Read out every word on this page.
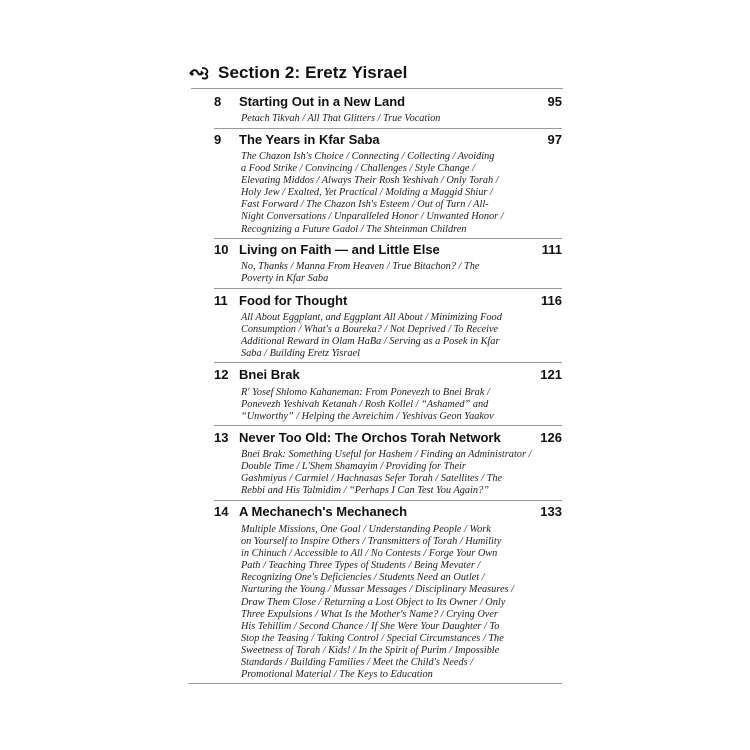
Section 2: Eretz Yisrael
8	Starting Out in a New Land	95
Petach Tikvah / All That Glitters / True Vocation
9	The Years in Kfar Saba	97
The Chazon Ish's Choice / Connecting / Collecting / Avoiding
a Food Strike / Convincing / Challenges / Style Change /
Elevating Middos / Always Their Rosh Yeshivah / Only Torah /
Holy Jew / Exalted, Yet Practical / Molding a Maggid Shiur /
Fast Forward / The Chazon Ish's Esteem / Out of Turn / All-
Night Conversations / Unparalleled Honor / Unwanted Honor /
Recognizing a Future Gadol / The Shteinman Children
10 Living on Faith — and Little Else	111
No, Thanks / Manna From Heaven / True Bitachon? / The
Poverty in Kfar Saba
11 Food for Thought	116
All About Eggplant, and Eggplant All About / Minimizing Food
Consumption / What's a Boureka? / Not Deprived / To Receive
Additional Reward in Olam HaBa / Serving as a Posek in Kfar
Saba / Building Eretz Yisrael
12 Bnei Brak	121
R' Yosef Shlomo Kahaneman: From Ponevezh to Bnei Brak /
Ponevezh Yeshivah Ketanah / Rosh Kollel / “Ashamed” and
“Unworthy” / Helping the Avreichim / Yeshivas Geon Yaakov
13 Never Too Old: The Orchos Torah Network	126
Bnei Brak: Something Useful for Hashem / Finding an Administrator /
Double Time / L'Shem Shamayim / Providing for Their
Gashmiyus / Carmiel / Hachnasas Sefer Torah / Satellites / The
Rebbi and His Talmidim / “Perhaps I Can Test You Again?”
14 A Mechanech's Mechanech	133
Multiple Missions, One Goal / Understanding People / Work
on Yourself to Inspire Others / Transmitters of Torah / Humility
in Chinuch / Accessible to All / No Contests / Forge Your Own
Path / Teaching Three Types of Students / Being Mevater /
Recognizing One's Deficiencies / Students Need an Outlet /
Nurturing the Young / Mussar Messages / Disciplinary Measures /
Draw Them Close / Returning a Lost Object to Its Owner / Only
Three Expulsions / What Is the Mother's Name? / Crying Over
His Tehillim / Second Chance / If She Were Your Daughter / To
Stop the Teasing / Taking Control / Special Circumstances / The
Sweetness of Torah / Kids! / In the Spirit of Purim / Impossible
Standards / Building Families / Meet the Child's Needs /
Promotional Material / The Keys to Education
